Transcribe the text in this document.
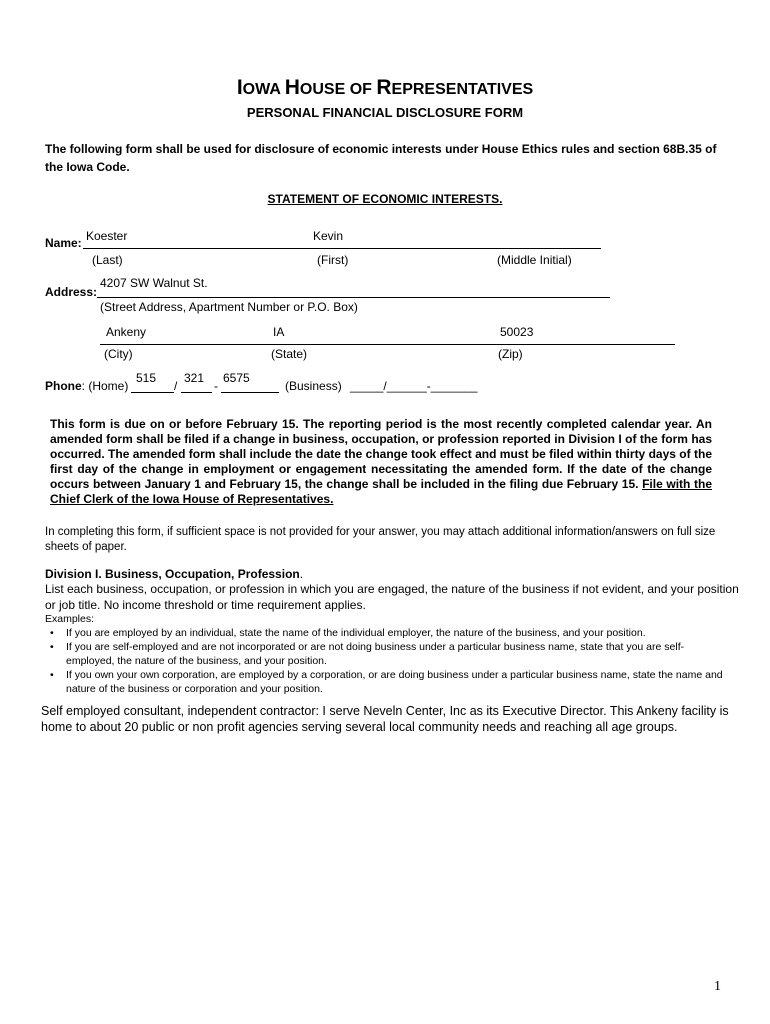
IOWA HOUSE OF REPRESENTATIVES
PERSONAL FINANCIAL DISCLOSURE FORM
The following form shall be used for disclosure of economic interests under House Ethics rules and section 68B.35 of the Iowa Code.
STATEMENT OF ECONOMIC INTERESTS.
Name: Koester	Kevin
(Last)	(First)	(Middle Initial)
Address:
4207 SW Walnut St.
(Street Address, Apartment Number or P.O. Box)
Ankeny	IA	50023
(City)	(State)	(Zip)
Phone: (Home)
515
/
321
-
6575
(Business) _____/______-_______
This form is due on or before February 15. The reporting period is the most recently completed calendar year. An amended form shall be filed if a change in business, occupation, or profession reported in Division I of the form has occurred. The amended form shall include the date the change took effect and must be filed within thirty days of the first day of the change in employment or engagement necessitating the amended form. If the date of the change occurs between January 1 and February 15, the change shall be included in the filing due February 15. File with the Chief Clerk of the Iowa House of Representatives.
In completing this form, if sufficient space is not provided for your answer, you may attach additional information/answers on full size sheets of paper.
Division I. Business, Occupation, Profession.
List each business, occupation, or profession in which you are engaged, the nature of the business if not evident, and your position or job title. No income threshold or time requirement applies.
Examples:
• If you are employed by an individual, state the name of the individual employer, the nature of the business, and your position.
• If you are self-employed and are not incorporated or are not doing business under a particular business name, state that you are self-employed, the nature of the business, and your position.
• If you own your own corporation, are employed by a corporation, or are doing business under a particular business name, state the name and nature of the business or corporation and your position.
Self employed consultant, independent contractor: I serve Neveln Center, Inc as its Executive Director. This Ankeny facility is home to about 20 public or non profit agencies serving several local community needs and reaching all age groups.
1
